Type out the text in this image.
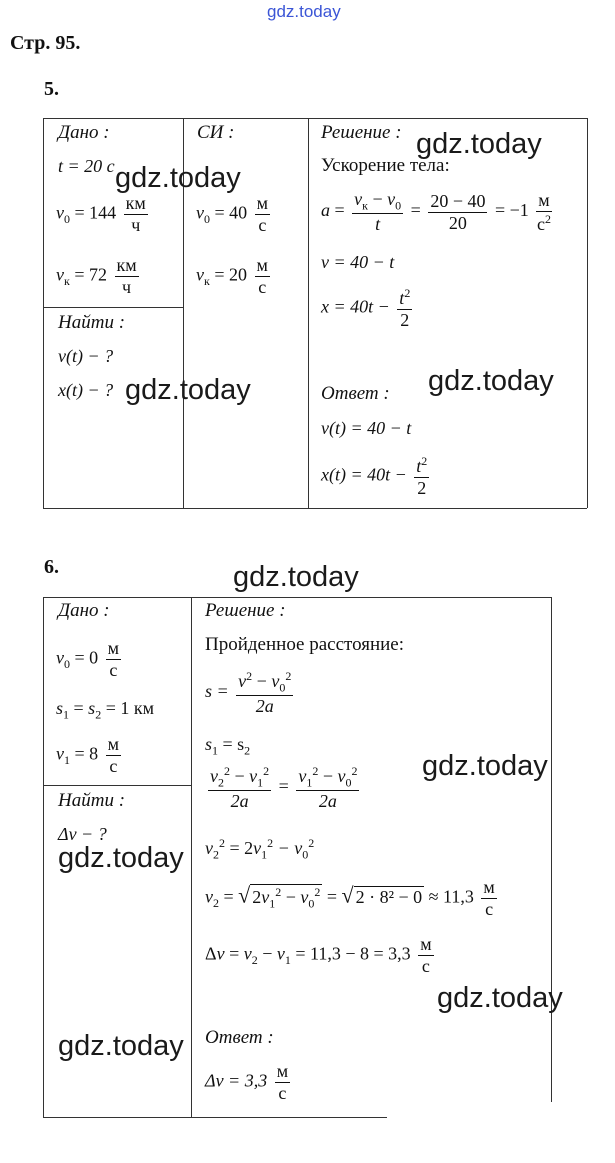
gdz.today
Стр. 95.
5.
Дано :
t = 20 c
$v_0 = 144 \frac{км}{ч}$
$v_к = 72 \frac{км}{ч}$
Найти :
v(t) − ?
x(t) − ?
СИ :
$v_0 = 40 \frac{м}{с}$
$v_к = 20 \frac{м}{с}$
Решение :
Ускорение тела:
$a = \frac{v_к - v_0}{t} = \frac{20 - 40}{20} = -1 \frac{м}{с^2}$
v = 40 − t
$x = 40t - \frac{t^2}{2}$
Ответ :
v(t) = 40 − t
$x(t) = 40t - \frac{t^2}{2}$
gdz.today
gdz.today
gdz.today	gdz.today
6.	gdz.today
Дано :
$v_0 = 0 \frac{м}{с}$
$s_1 = s_2 = 1$ км
$v_1 = 8 \frac{м}{с}$
Найти :
Δv − ?
Решение :
Пройденное расстояние:
$s = \frac{v^2 - v_0^2}{2a}$
$s_1 = s_2$
$\frac{v_2^2 - v_1^2}{2a} = \frac{v_1^2 - v_0^2}{2a}$
$v_2^2 = 2v_1^2 - v_0^2$
$v_2$ = √ $2v_1^2 - v_0^2$ = √ $2 \cdot 8^2 - 0 \approx 11,3 \frac{м}{с}$
$\Delta v = v_2 - v_1 = 11,3 - 8 = 3,3 \frac{м}{с}$
Ответ :
$\Delta v = 3,3 \frac{м}{с}$
gdz.today
gdz.today
gdz.today
gdz.today
